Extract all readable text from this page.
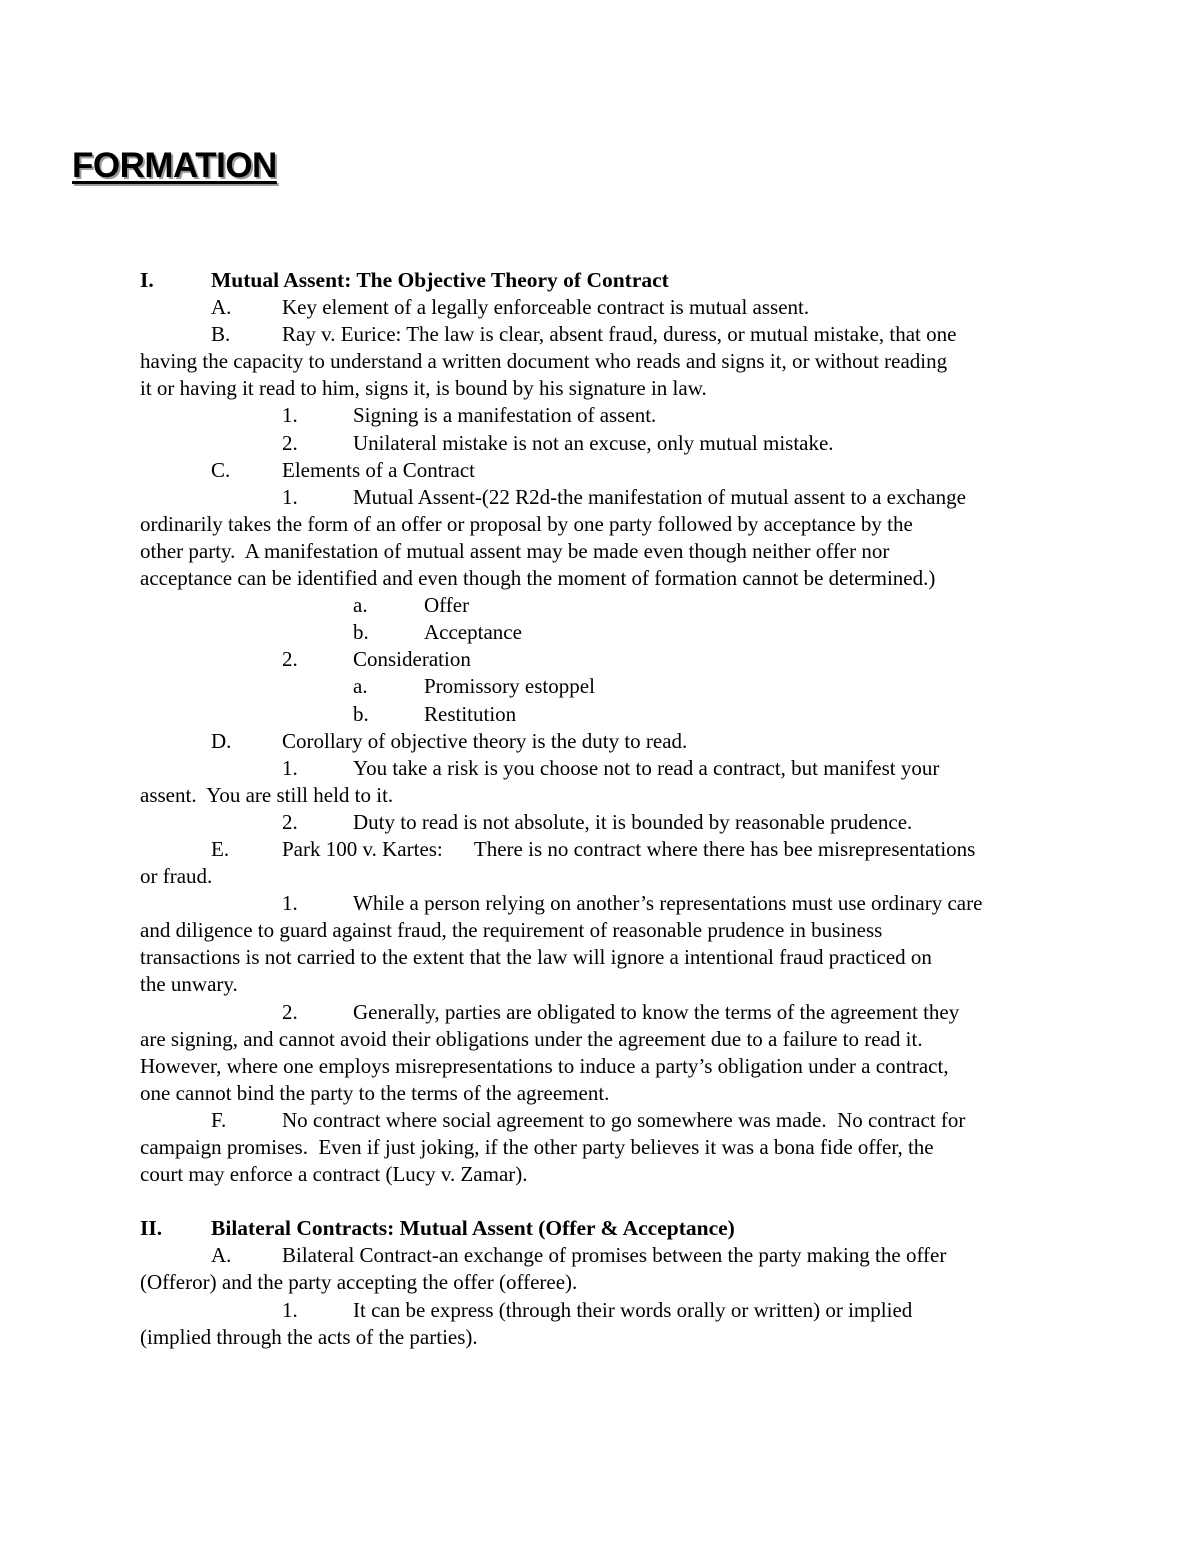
FORMATION
I.	Mutual Assent: The Objective Theory of Contract
A. Key element of a legally enforceable contract is mutual assent.
B. Ray v. Eurice: The law is clear, absent fraud, duress, or mutual mistake, that one
having the capacity to understand a written document who reads and signs it, or without reading
it or having it read to him, signs it, is bound by his signature in law.
1.	Signing is a manifestation of assent.
2.	Unilateral mistake is not an excuse, only mutual mistake.
C. Elements of a Contract
1.	Mutual Assent-(22 R2d-the manifestation of mutual assent to a exchange
ordinarily takes the form of an offer or proposal by one party followed by acceptance by the
other party.  A manifestation of mutual assent may be made even though neither offer nor
acceptance can be identified and even though the moment of formation cannot be determined.)
a.	Offer
b.	Acceptance
2.	Consideration
a.	Promissory estoppel
b.	Restitution
D. Corollary of objective theory is the duty to read.
1.	You take a risk is you choose not to read a contract, but manifest your
assent.  You are still held to it.
2.	Duty to read is not absolute, it is bounded by reasonable prudence.
E.	Park 100 v. Kartes:      There is no contract where there has bee misrepresentations
or fraud.
1.	While a person relying on another’s representations must use ordinary care
and diligence to guard against fraud, the requirement of reasonable prudence in business
transactions is not carried to the extent that the law will ignore a intentional fraud practiced on
the unwary.
2.	Generally, parties are obligated to know the terms of the agreement they
are signing, and cannot avoid their obligations under the agreement due to a failure to read it.
However, where one employs misrepresentations to induce a party’s obligation under a contract,
one cannot bind the party to the terms of the agreement.
F.	No contract where social agreement to go somewhere was made.  No contract for
campaign promises.  Even if just joking, if the other party believes it was a bona fide offer, the
court may enforce a contract (Lucy v. Zamar).
II. Bilateral Contracts: Mutual Assent (Offer & Acceptance)
A. Bilateral Contract-an exchange of promises between the party making the offer
(Offeror) and the party accepting the offer (offeree).
1.	It can be express (through their words orally or written) or implied
(implied through the acts of the parties).
